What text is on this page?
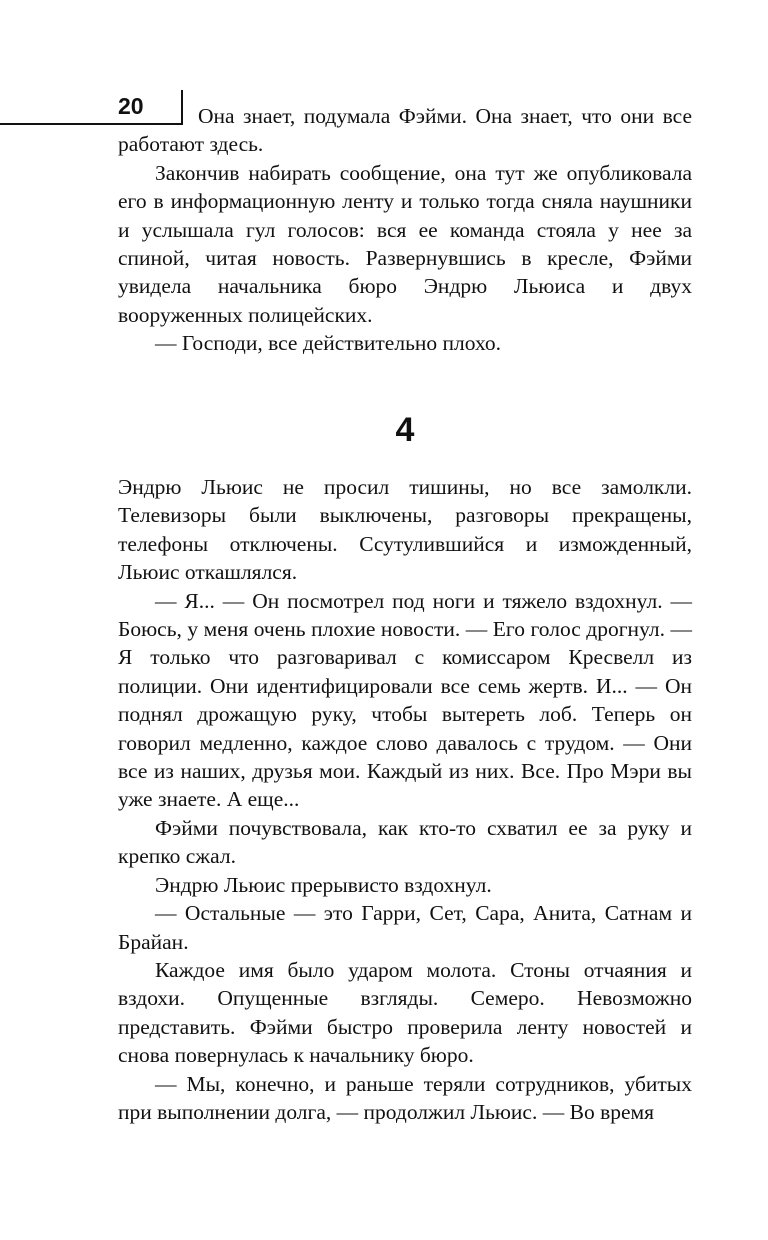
20	Она знает, подумала Фэйми. Она знает, что они все работают здесь.

Закончив набирать сообщение, она тут же опубликовала его в информационную ленту и только тогда сняла наушники и услышала гул голосов: вся ее команда стояла у нее за спиной, читая новость. Развернувшись в кресле, Фэйми увидела начальника бюро Эндрю Льюиса и двух вооруженных полицейских.

— Господи, все действительно плохо.

4

Эндрю Льюис не просил тишины, но все замолкли. Телевизоры были выключены, разговоры прекращены, телефоны отключены. Ссутулившийся и изможденный, Льюис откашлялся.

— Я... — Он посмотрел под ноги и тяжело вздохнул. — Боюсь, у меня очень плохие новости. — Его голос дрогнул. — Я только что разговаривал с комиссаром Кресвелл из полиции. Они идентифицировали все семь жертв. И... — Он поднял дрожащую руку, чтобы вытереть лоб. Теперь он говорил медленно, каждое слово давалось с трудом. — Они все из наших, друзья мои. Каждый из них. Все. Про Мэри вы уже знаете. А еще...

Фэйми почувствовала, как кто-то схватил ее за руку и крепко сжал.

Эндрю Льюис прерывисто вздохнул.

— Остальные — это Гарри, Сет, Сара, Анита, Сатнам и Брайан.

Каждое имя было ударом молота. Стоны отчаяния и вздохи. Опущенные взгляды. Семеро. Невозможно представить. Фэйми быстро проверила ленту новостей и снова повернулась к начальнику бюро.

— Мы, конечно, и раньше теряли сотрудников, убитых при выполнении долга, — продолжил Льюис. — Во время
